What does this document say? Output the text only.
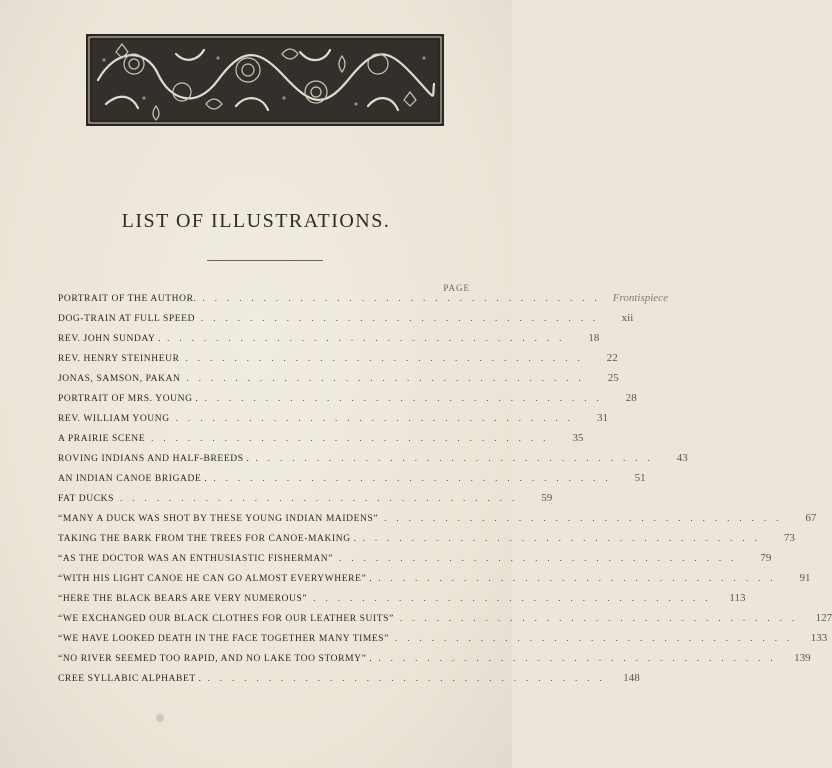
LIST OF ILLUSTRATIONS.
PAGE
PORTRAIT OF THE AUTHOR. ................................. Frontispiece
DOG-TRAIN AT FULL SPEED .................................	xii
REV. JOHN SUNDAY . .................................	18
REV. HENRY STEINHEUR .................................	22
JONAS, SAMSON, PAKAN .................................	25
PORTRAIT OF MRS. YOUNG . .................................	28
REV. WILLIAM YOUNG .................................	31
A PRAIRIE SCENE .................................	35
ROVING INDIANS AND HALF-BREEDS . .................................	43
AN INDIAN CANOE BRIGADE . .................................	51
FAT DUCKS .................................	59
“MANY A DUCK WAS SHOT BY THESE YOUNG INDIAN MAIDENS” .................................	67
TAKING THE BARK FROM THE TREES FOR CANOE-MAKING . .................................	73
“AS THE DOCTOR WAS AN ENTHUSIASTIC FISHERMAN” .................................	79
“WITH HIS LIGHT CANOE HE CAN GO ALMOST EVERYWHERE” . .................................	91
“HERE THE BLACK BEARS ARE VERY NUMEROUS” .................................	113
“WE EXCHANGED OUR BLACK CLOTHES FOR OUR LEATHER SUITS” .................................	127
“WE HAVE LOOKED DEATH IN THE FACE TOGETHER MANY TIMES” .................................	133
“NO RIVER SEEMED TOO RAPID, AND NO LAKE TOO STORMY” . .................................	139
CREE SYLLABIC ALPHABET . .................................	148
